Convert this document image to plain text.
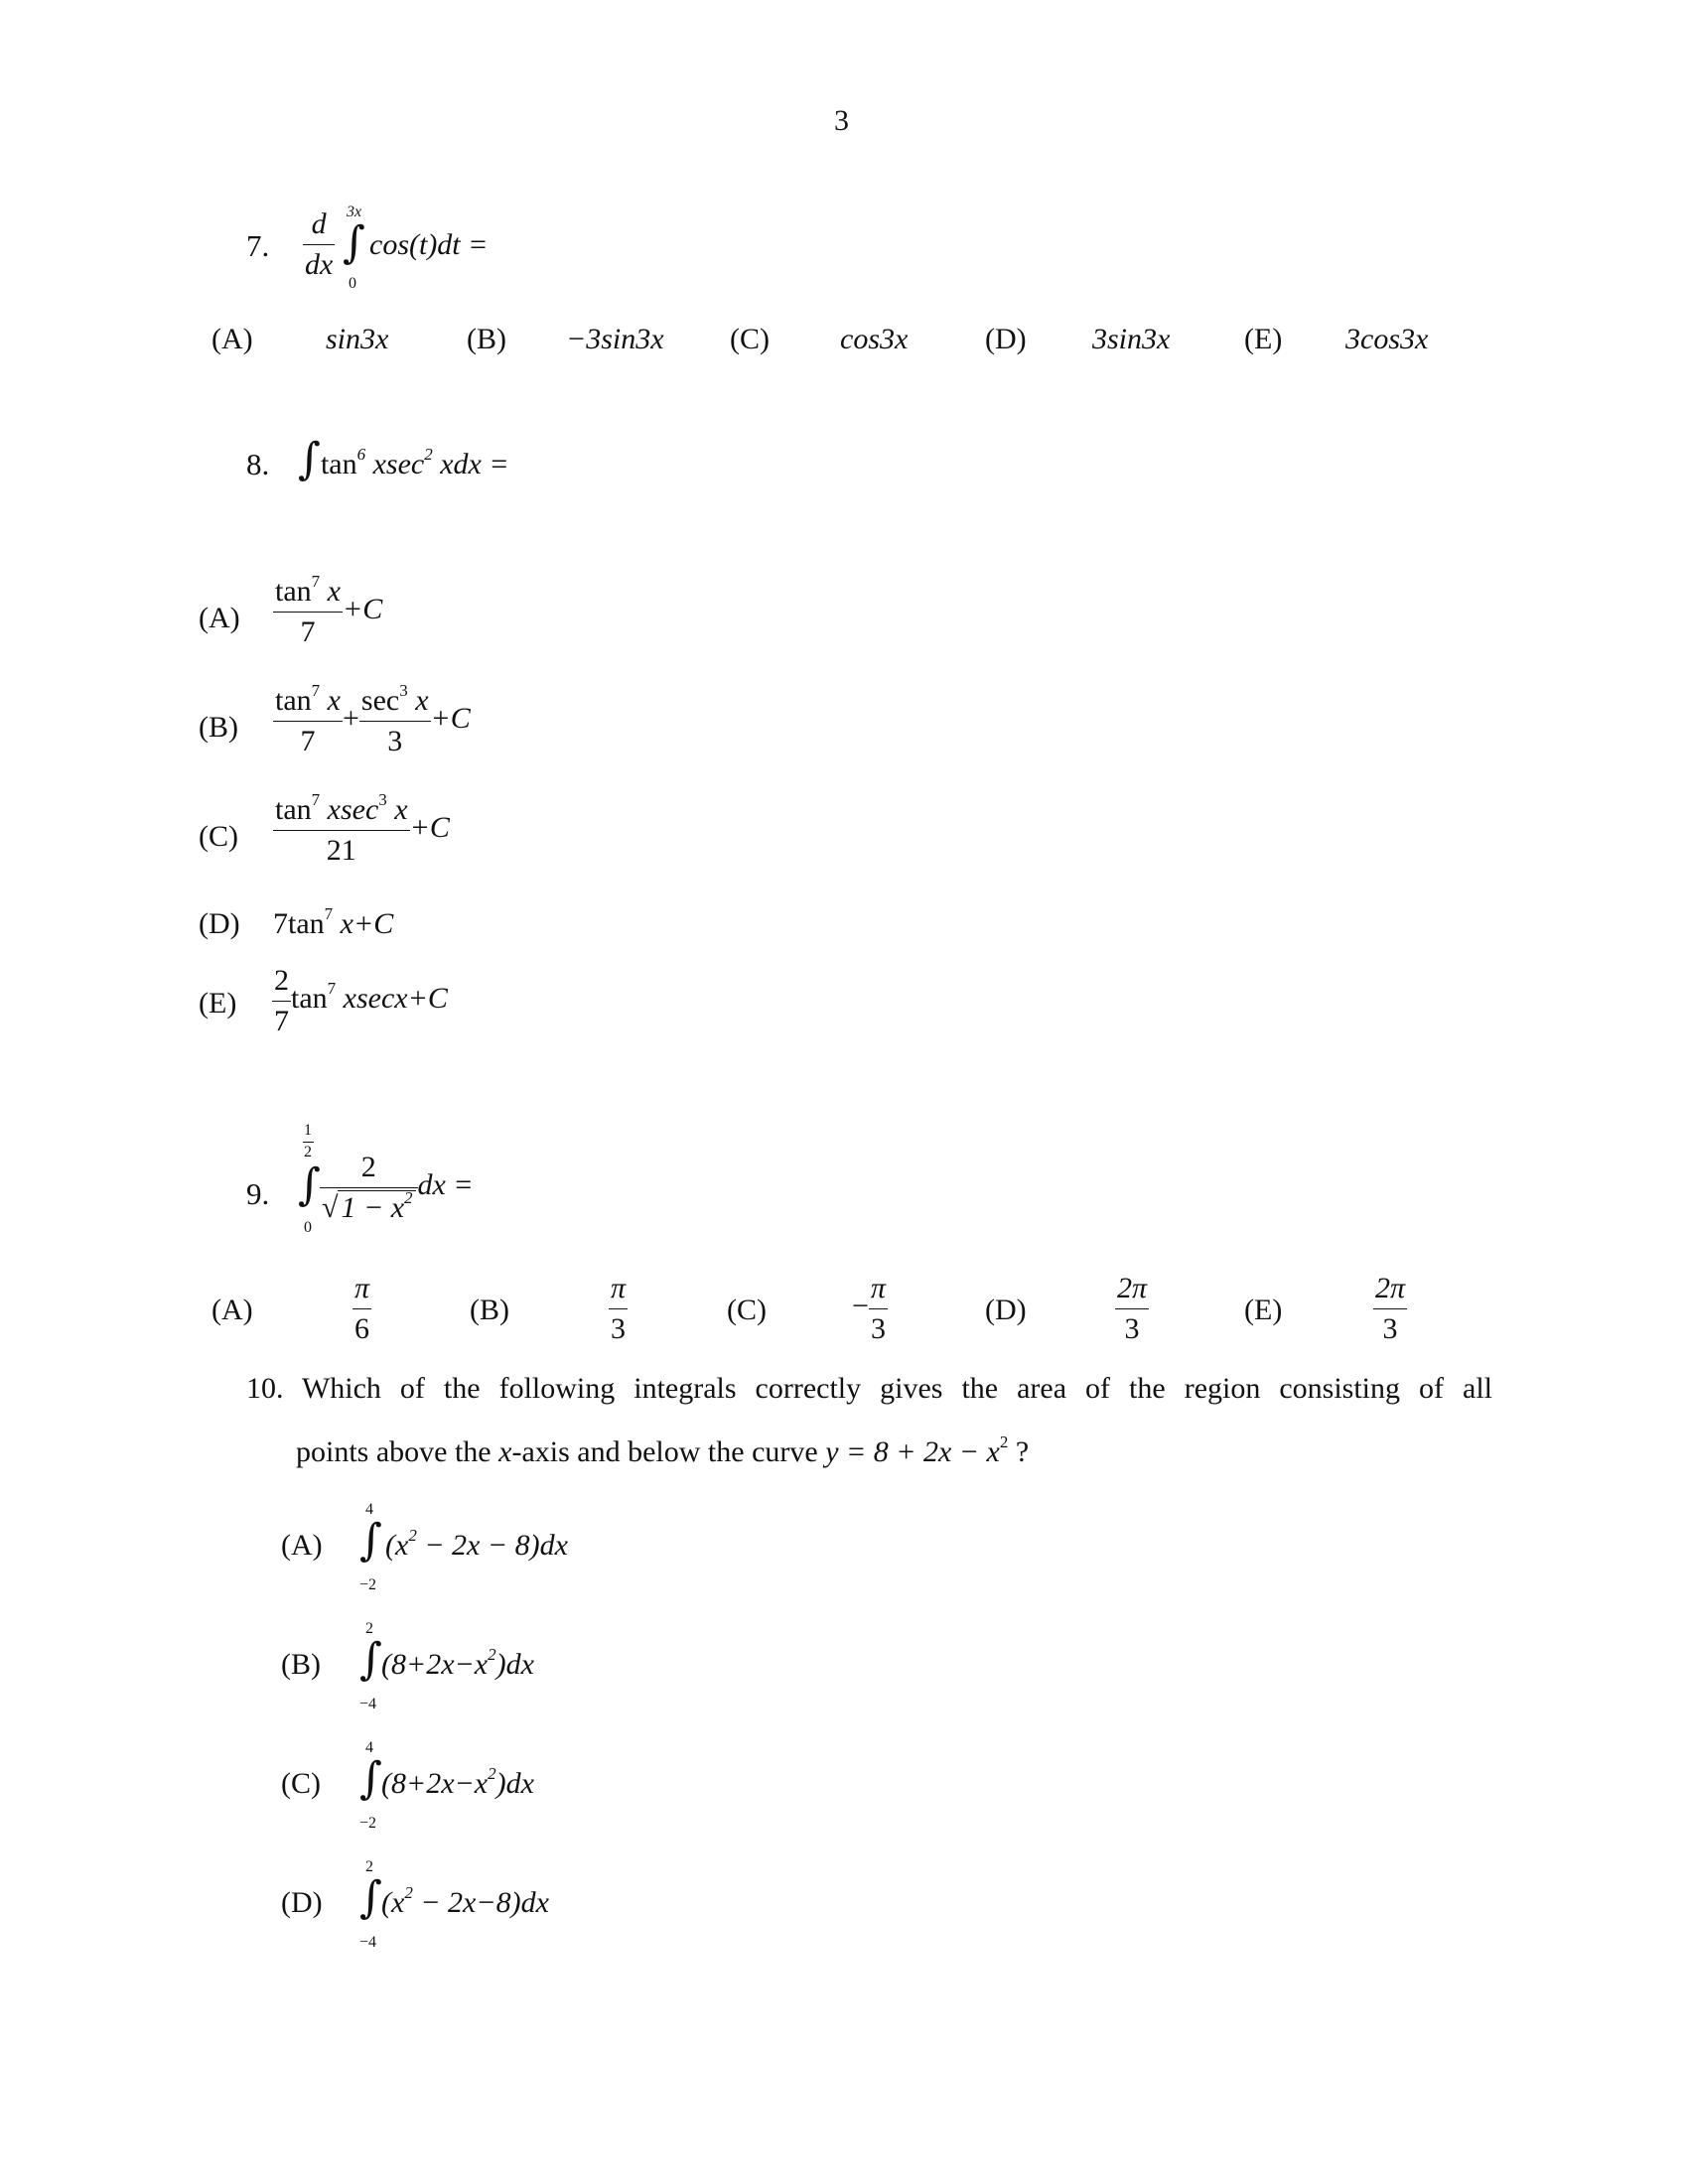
3
7. $\frac{d}{dx} 3x$
∫
0
cos(t)dt =
(A) sin3x	(B) −3sin3x (C) cos3x	(D) 3sin3x (E) 3cos3x
8. $\int\tan^6$ xsec$^2$ xdx =
$(A) \frac{\tan^7 x}{7} +C$
$(B) \frac{\tan^7 x}{7} + \frac{\sec^3 x}{3} +C$
$(C) \frac{\tan^7 xsec^3 x}{21} +C$
(D) $7\tan^7$ x+C
$(E) \frac{2}{7} \tan^7 xsecx+C$
9.
1
2
∫
0
$\frac{2}{√ 1 - x^2}$ dx =
(A)	$\frac{\pi}{6}$	(B)	$\frac{\pi}{3}$	(C)	− $\frac{\pi}{3}$	(D)	$\frac{2\pi}{3}$	(E)	$\frac{2\pi}{3}$
10. Which of the following integrals correctly gives the area of the region consisting of all
points above the x-axis and below the curve $y = 8 + 2x - x^2$ ?
(A)
4
∫
−2
$(x^2 - 2x - 8)dx$
(B)
2
∫
−4
$(8+2x-x^2)dx$
(C)
4
∫
−2
$(8+2x-x^2)dx$
(D)
2
∫
−4
$(x^2 - 2x-8)dx$
